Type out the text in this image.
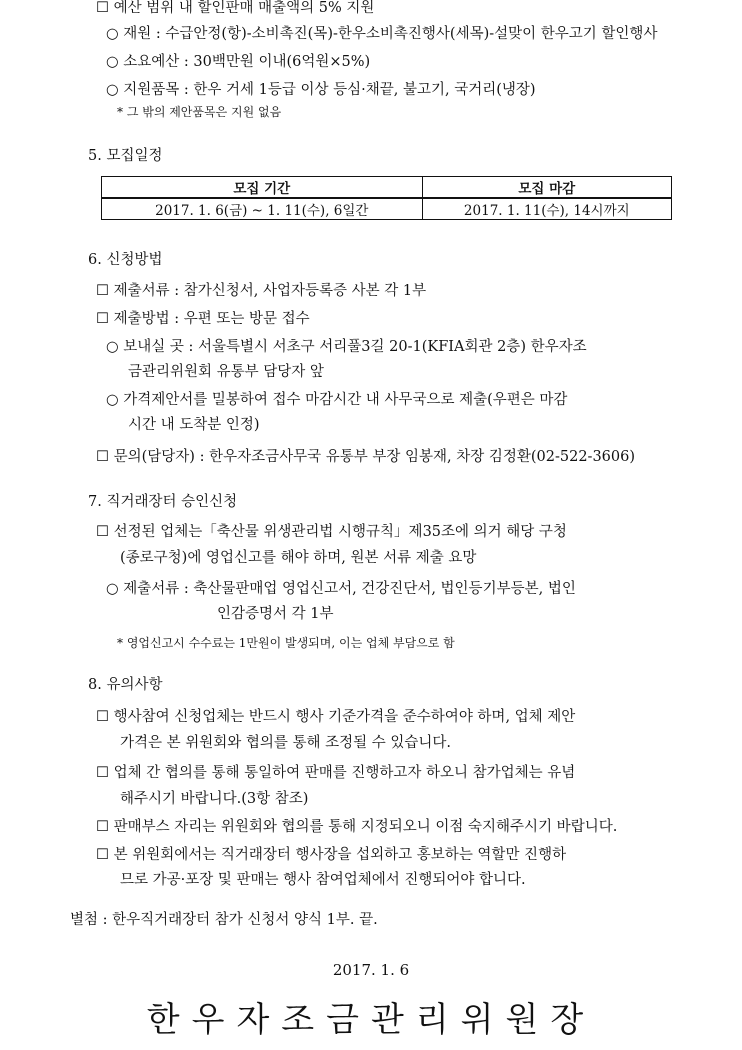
☐ 예산 범위 내 할인판매 매출액의 5% 지원
○ 재원 : 수급안정(항)-소비촉진(목)-한우소비촉진행사(세목)-설맞이 한우고기 할인행사
○ 소요예산 : 30백만원 이내(6억원×5%)
○ 지원품목 : 한우 거세 1등급 이상 등심·채끝, 불고기, 국거리(냉장)
* 그 밖의 제안품목은 지원 없음
5. 모집일정
모집 기간	모집 마감
2017. 1. 6(금) ~ 1. 11(수), 6일간	2017. 1. 11(수), 14시까지
6. 신청방법
☐ 제출서류 : 참가신청서, 사업자등록증 사본 각 1부
☐ 제출방법 : 우편 또는 방문 접수
○ 보내실 곳 : 서울특별시 서초구 서리풀3길 20-1(KFIA회관 2층) 한우자조
금관리위원회 유통부 담당자 앞
○ 가격제안서를 밀봉하여 접수 마감시간 내 사무국으로 제출(우편은 마감
시간 내 도착분 인정)
☐ 문의(담당자) : 한우자조금사무국 유통부 부장 임봉재, 차장 김정환(02-522-3606)
7. 직거래장터 승인신청
☐ 선정된 업체는「축산물 위생관리법 시행규칙」제35조에 의거 해당 구청
(종로구청)에 영업신고를 해야 하며, 원본 서류 제출 요망
○ 제출서류 : 축산물판매업 영업신고서, 건강진단서, 법인등기부등본, 법인
인감증명서 각 1부
* 영업신고시 수수료는 1만원이 발생되며, 이는 업체 부담으로 함
8. 유의사항
☐ 행사참여 신청업체는 반드시 행사 기준가격을 준수하여야 하며, 업체 제안
가격은 본 위원회와 협의를 통해 조정될 수 있습니다.
☐ 업체 간 협의를 통해 통일하여 판매를 진행하고자 하오니 참가업체는 유념
해주시기 바랍니다.(3항 참조)
☐ 판매부스 자리는 위원회와 협의를 통해 지정되오니 이점 숙지해주시기 바랍니다.
☐ 본 위원회에서는 직거래장터 행사장을 섭외하고 홍보하는 역할만 진행하
므로 가공·포장 및 판매는 행사 참여업체에서 진행되어야 합니다.
별첨 : 한우직거래장터 참가 신청서 양식 1부. 끝.
2017. 1. 6
한우자조금관리위원장
